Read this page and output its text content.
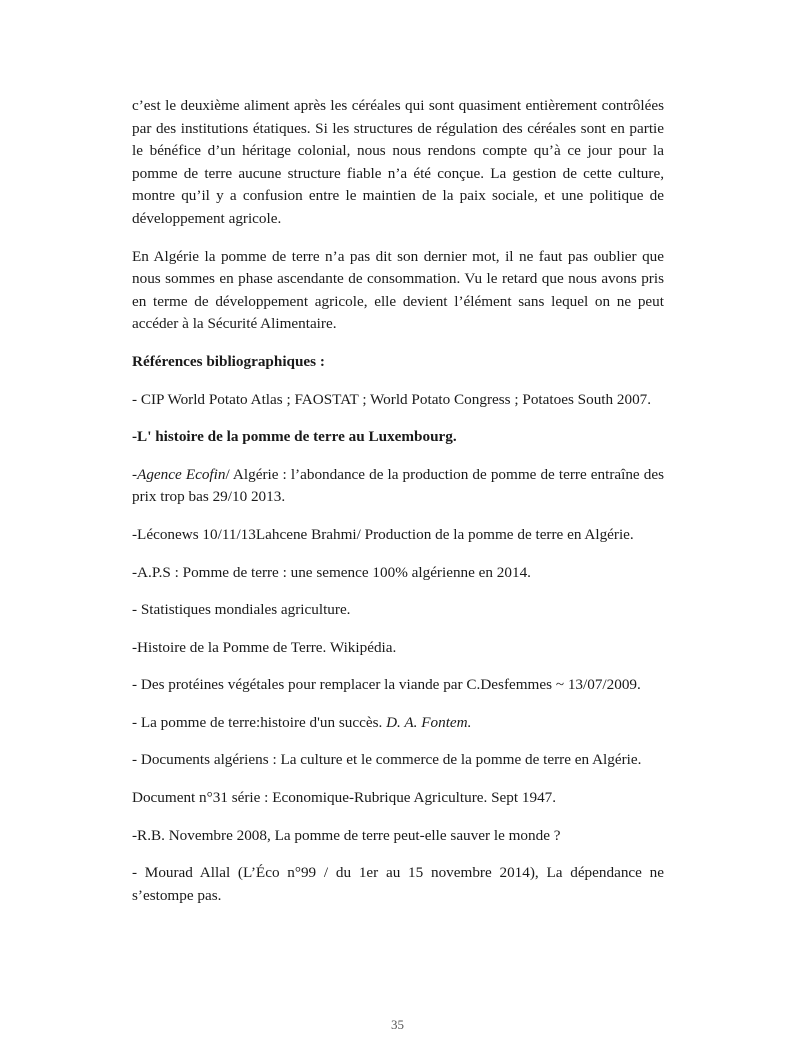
c’est le deuxième aliment après les céréales qui sont quasiment entièrement contrôlées par des institutions étatiques. Si les structures de régulation des céréales sont en partie le bénéfice d’un héritage colonial, nous nous rendons compte qu’à ce jour pour la pomme de terre aucune structure fiable n’a été conçue. La gestion de cette culture, montre qu’il y a confusion entre le maintien de la paix sociale, et une politique de développement agricole.

En Algérie la pomme de terre n’a pas dit son dernier mot, il ne faut pas oublier que nous sommes en phase ascendante de consommation. Vu le retard que nous avons pris en terme de développement agricole, elle devient l’élément sans lequel on ne peut accéder à la Sécurité Alimentaire.

Références bibliographiques :

- CIP World Potato Atlas ; FAOSTAT ; World Potato Congress ; Potatoes South 2007.

-L' histoire de la pomme de terre au Luxembourg.

-Agence Ecofin/ Algérie : l’abondance de la production de pomme de terre entraîne des prix trop bas 29/10 2013.

-Léconews 10/11/13Lahcene Brahmi/ Production de la pomme de terre en Algérie.

-A.P.S : Pomme de terre : une semence 100% algérienne en 2014.

- Statistiques mondiales agriculture.

-Histoire de la Pomme de Terre. Wikipédia.

- Des protéines végétales pour remplacer la viande par C.Desfemmes ~ 13/07/2009.

- La pomme de terre:histoire d'un succès. D. A. Fontem.

- Documents algériens : La culture et le commerce de la pomme de terre en Algérie.

Document n°31 série : Economique-Rubrique Agriculture. Sept 1947.

-R.B. Novembre 2008, La pomme de terre peut-elle sauver le monde ?

- Mourad Allal (L’Éco n°99 / du 1er au 15 novembre 2014), La dépendance ne s’estompe pas.

35
